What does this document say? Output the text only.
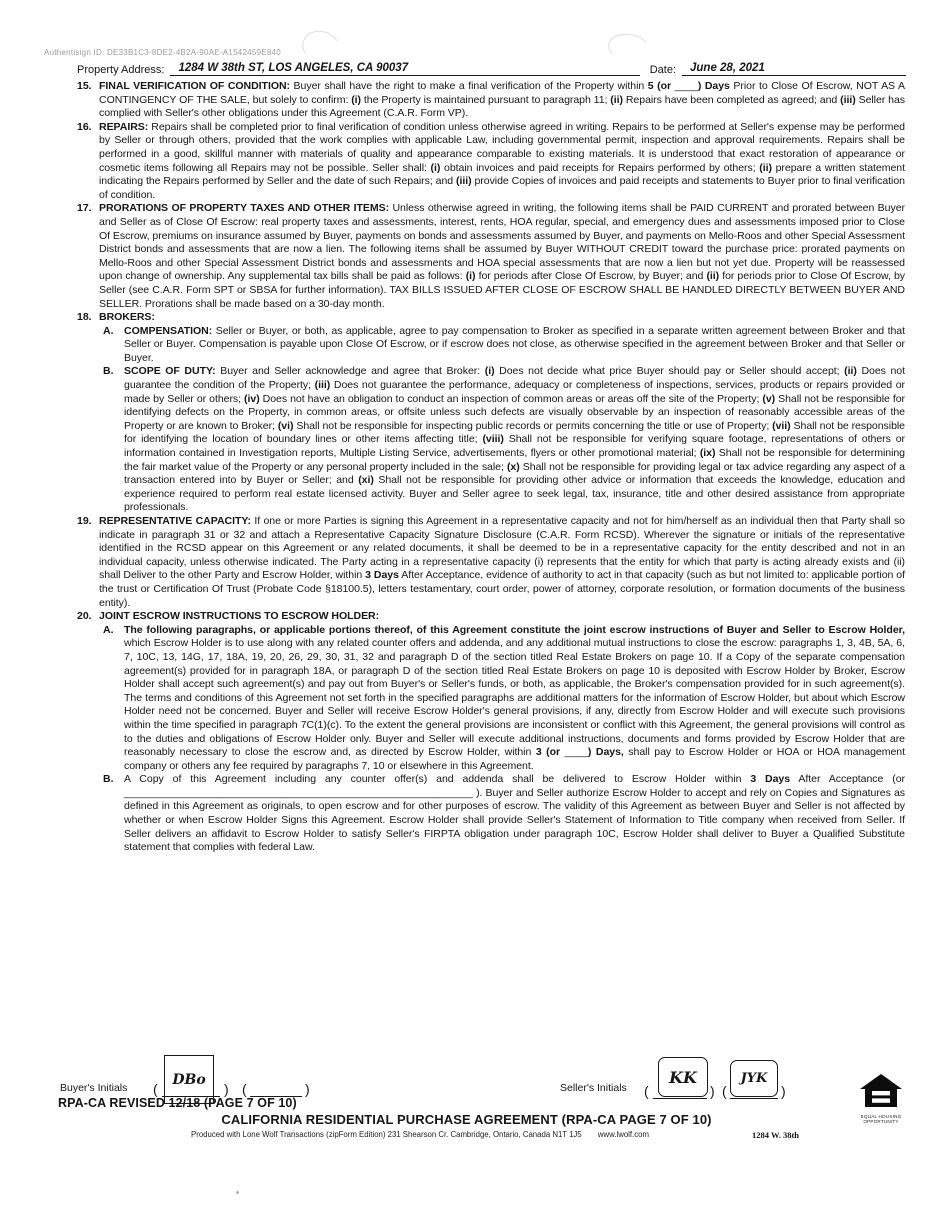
Authentisign ID: DE33B1C3-8DE2-4B2A-90AE-A1542459E840
Property Address:	1284 W 38th ST, LOS ANGELES, CA 90037	Date:	June 28, 2021
15. FINAL VERIFICATION OF CONDITION: Buyer shall have the right to make a final verification of the Property within 5 (or ____) Days Prior to Close Of Escrow, NOT AS A CONTINGENCY OF THE SALE, but solely to confirm: (i) the Property is maintained pursuant to paragraph 11; (ii) Repairs have been completed as agreed; and (iii) Seller has complied with Seller's other obligations under this Agreement (C.A.R. Form VP).
16. REPAIRS: Repairs shall be completed prior to final verification of condition unless otherwise agreed in writing. Repairs to be performed at Seller's expense may be performed by Seller or through others, provided that the work complies with applicable Law, including governmental permit, inspection and approval requirements. Repairs shall be performed in a good, skillful manner with materials of quality and appearance comparable to existing materials. It is understood that exact restoration of appearance or cosmetic items following all Repairs may not be possible. Seller shall: (i) obtain invoices and paid receipts for Repairs performed by others; (ii) prepare a written statement indicating the Repairs performed by Seller and the date of such Repairs; and (iii) provide Copies of invoices and paid receipts and statements to Buyer prior to final verification of condition.
17. PRORATIONS OF PROPERTY TAXES AND OTHER ITEMS: Unless otherwise agreed in writing, the following items shall be PAID CURRENT and prorated between Buyer and Seller as of Close Of Escrow: real property taxes and assessments, interest, rents, HOA regular, special, and emergency dues and assessments imposed prior to Close Of Escrow, premiums on insurance assumed by Buyer, payments on bonds and assessments assumed by Buyer, and payments on Mello-Roos and other Special Assessment District bonds and assessments that are now a lien. The following items shall be assumed by Buyer WITHOUT CREDIT toward the purchase price: prorated payments on Mello-Roos and other Special Assessment District bonds and assessments and HOA special assessments that are now a lien but not yet due. Property will be reassessed upon change of ownership. Any supplemental tax bills shall be paid as follows: (i) for periods after Close Of Escrow, by Buyer; and (ii) for periods prior to Close Of Escrow, by Seller (see C.A.R. Form SPT or SBSA for further information). TAX BILLS ISSUED AFTER CLOSE OF ESCROW SHALL BE HANDLED DIRECTLY BETWEEN BUYER AND SELLER. Prorations shall be made based on a 30-day month.
18. BROKERS:
A. COMPENSATION: Seller or Buyer, or both, as applicable, agree to pay compensation to Broker as specified in a separate written agreement between Broker and that Seller or Buyer. Compensation is payable upon Close Of Escrow, or if escrow does not close, as otherwise specified in the agreement between Broker and that Seller or Buyer.
B. SCOPE OF DUTY: Buyer and Seller acknowledge and agree that Broker: (i) Does not decide what price Buyer should pay or Seller should accept; (ii) Does not guarantee the condition of the Property; (iii) Does not guarantee the performance, adequacy or completeness of inspections, services, products or repairs provided or made by Seller or others; (iv) Does not have an obligation to conduct an inspection of common areas or areas off the site of the Property; (v) Shall not be responsible for identifying defects on the Property, in common areas, or offsite unless such defects are visually observable by an inspection of reasonably accessible areas of the Property or are known to Broker; (vi) Shall not be responsible for inspecting public records or permits concerning the title or use of Property; (vii) Shall not be responsible for identifying the location of boundary lines or other items affecting title; (viii) Shall not be responsible for verifying square footage, representations of others or information contained in Investigation reports, Multiple Listing Service, advertisements, flyers or other promotional material; (ix) Shall not be responsible for determining the fair market value of the Property or any personal property included in the sale; (x) Shall not be responsible for providing legal or tax advice regarding any aspect of a transaction entered into by Buyer or Seller; and (xi) Shall not be responsible for providing other advice or information that exceeds the knowledge, education and experience required to perform real estate licensed activity. Buyer and Seller agree to seek legal, tax, insurance, title and other desired assistance from appropriate professionals.
19. REPRESENTATIVE CAPACITY: If one or more Parties is signing this Agreement in a representative capacity and not for him/herself as an individual then that Party shall so indicate in paragraph 31 or 32 and attach a Representative Capacity Signature Disclosure (C.A.R. Form RCSD). Wherever the signature or initials of the representative identified in the RCSD appear on this Agreement or any related documents, it shall be deemed to be in a representative capacity for the entity described and not in an individual capacity, unless otherwise indicated. The Party acting in a representative capacity (i) represents that the entity for which that party is acting already exists and (ii) shall Deliver to the other Party and Escrow Holder, within 3 Days After Acceptance, evidence of authority to act in that capacity (such as but not limited to: applicable portion of the trust or Certification Of Trust (Probate Code §18100.5), letters testamentary, court order, power of attorney, corporate resolution, or formation documents of the business entity).
20. JOINT ESCROW INSTRUCTIONS TO ESCROW HOLDER:
A. The following paragraphs, or applicable portions thereof, of this Agreement constitute the joint escrow instructions of Buyer and Seller to Escrow Holder, which Escrow Holder is to use along with any related counter offers and addenda, and any additional mutual instructions to close the escrow: paragraphs 1, 3, 4B, 5A, 6, 7, 10C, 13, 14G, 17, 18A, 19, 20, 26, 29, 30, 31, 32 and paragraph D of the section titled Real Estate Brokers on page 10. If a Copy of the separate compensation agreement(s) provided for in paragraph 18A, or paragraph D of the section titled Real Estate Brokers on page 10 is deposited with Escrow Holder by Broker, Escrow Holder shall accept such agreement(s) and pay out from Buyer's or Seller's funds, or both, as applicable, the Broker's compensation provided for in such agreement(s). The terms and conditions of this Agreement not set forth in the specified paragraphs are additional matters for the information of Escrow Holder, but about which Escrow Holder need not be concerned. Buyer and Seller will receive Escrow Holder's general provisions, if any, directly from Escrow Holder and will execute such provisions within the time specified in paragraph 7C(1)(c). To the extent the general provisions are inconsistent or conflict with this Agreement, the general provisions will control as to the duties and obligations of Escrow Holder only. Buyer and Seller will execute additional instructions, documents and forms provided by Escrow Holder that are reasonably necessary to close the escrow and, as directed by Escrow Holder, within 3 (or ____) Days, shall pay to Escrow Holder or HOA or HOA management company or others any fee required by paragraphs 7, 10 or elsewhere in this Agreement.
B. A Copy of this Agreement including any counter offer(s) and addenda shall be delivered to Escrow Holder within 3 Days After Acceptance (or ____________________________________________________________ ). Buyer and Seller authorize Escrow Holder to accept and rely on Copies and Signatures as defined in this Agreement as originals, to open escrow and for other purposes of escrow. The validity of this Agreement as between Buyer and Seller is not affected by whether or when Escrow Holder Signs this Agreement. Escrow Holder shall provide Seller's Statement of Information to Title company when received from Seller. If Seller delivers an affidavit to Escrow Holder to satisfy Seller's FIRPTA obligation under paragraph 10C, Escrow Holder shall deliver to Buyer a Qualified Substitute statement that complies with federal Law.
Buyer's Initials (	) (	)
DBo
Seller's Initials (	) (	)
KK	JYK
RPA-CA REVISED 12/18 (PAGE 7 OF 10)
CALIFORNIA RESIDENTIAL PURCHASE AGREEMENT (RPA-CA PAGE 7 OF 10)
Produced with Lone Wolf Transactions (zipForm Edition) 231 Shearson Cr. Cambridge, Ontario, Canada N1T 1J5 www.lwolf.com	1284 W. 38th
EQUAL HOUSING
OPPORTUNITY
